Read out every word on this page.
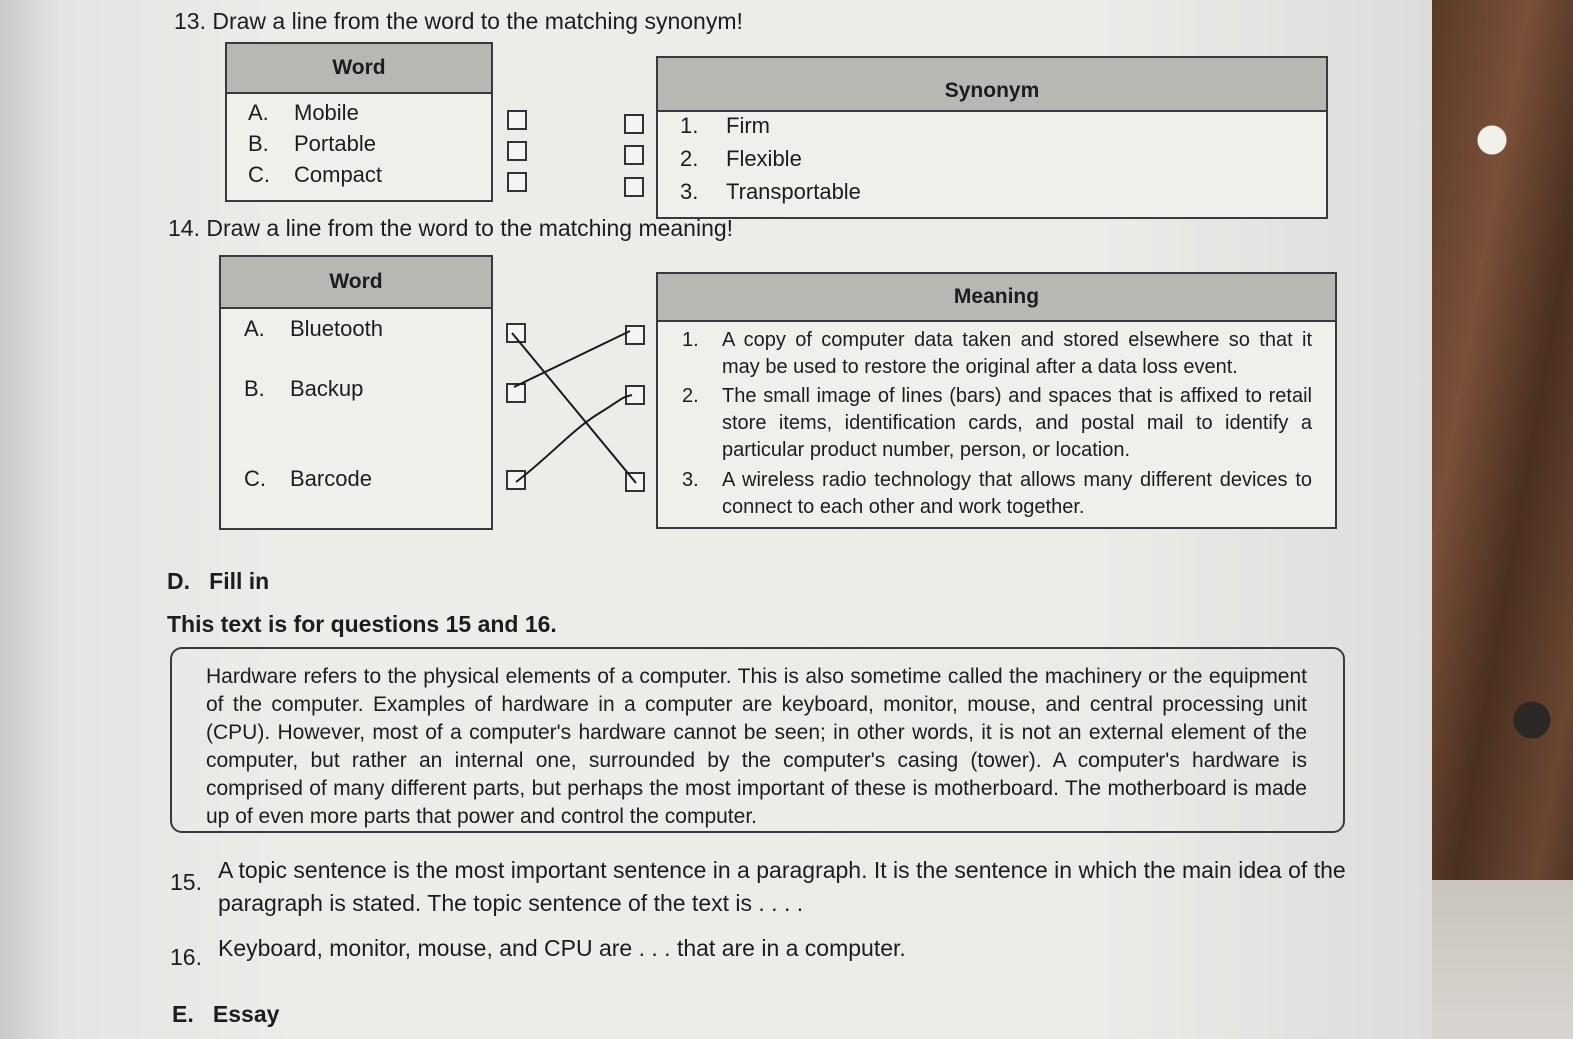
13. Draw a line from the word to the matching synonym!
Word
A. Mobile
B. Portable
C. Compact
Synonym
1. Firm
2. Flexible
3. Transportable
14. Draw a line from the word to the matching meaning!
Word
A. Bluetooth
B. Backup
C. Barcode
Meaning
1. A copy of computer data taken and stored elsewhere so that it may be used to restore the original after a data loss event.
2. The small image of lines (bars) and spaces that is affixed to retail store items, identification cards, and postal mail to identify a particular product number, person, or location.
3. A wireless radio technology that allows many different devices to connect to each other and work together.
D.   Fill in
This text is for questions 15 and 16.
Hardware refers to the physical elements of a computer. This is also sometime called the machinery or the equipment of the computer. Examples of hardware in a computer are keyboard, monitor, mouse, and central processing unit (CPU). However, most of a computer's hardware cannot be seen; in other words, it is not an external element of the computer, but rather an internal one, surrounded by the computer's casing (tower). A computer's hardware is comprised of many different parts, but perhaps the most important of these is motherboard. The motherboard is made up of even more parts that power and control the computer.
15. A topic sentence is the most important sentence in a paragraph. It is the sentence in which the main idea of the paragraph is stated. The topic sentence of the text is . . . .
16. Keyboard, monitor, mouse, and CPU are . . . that are in a computer.
E.   Essay
